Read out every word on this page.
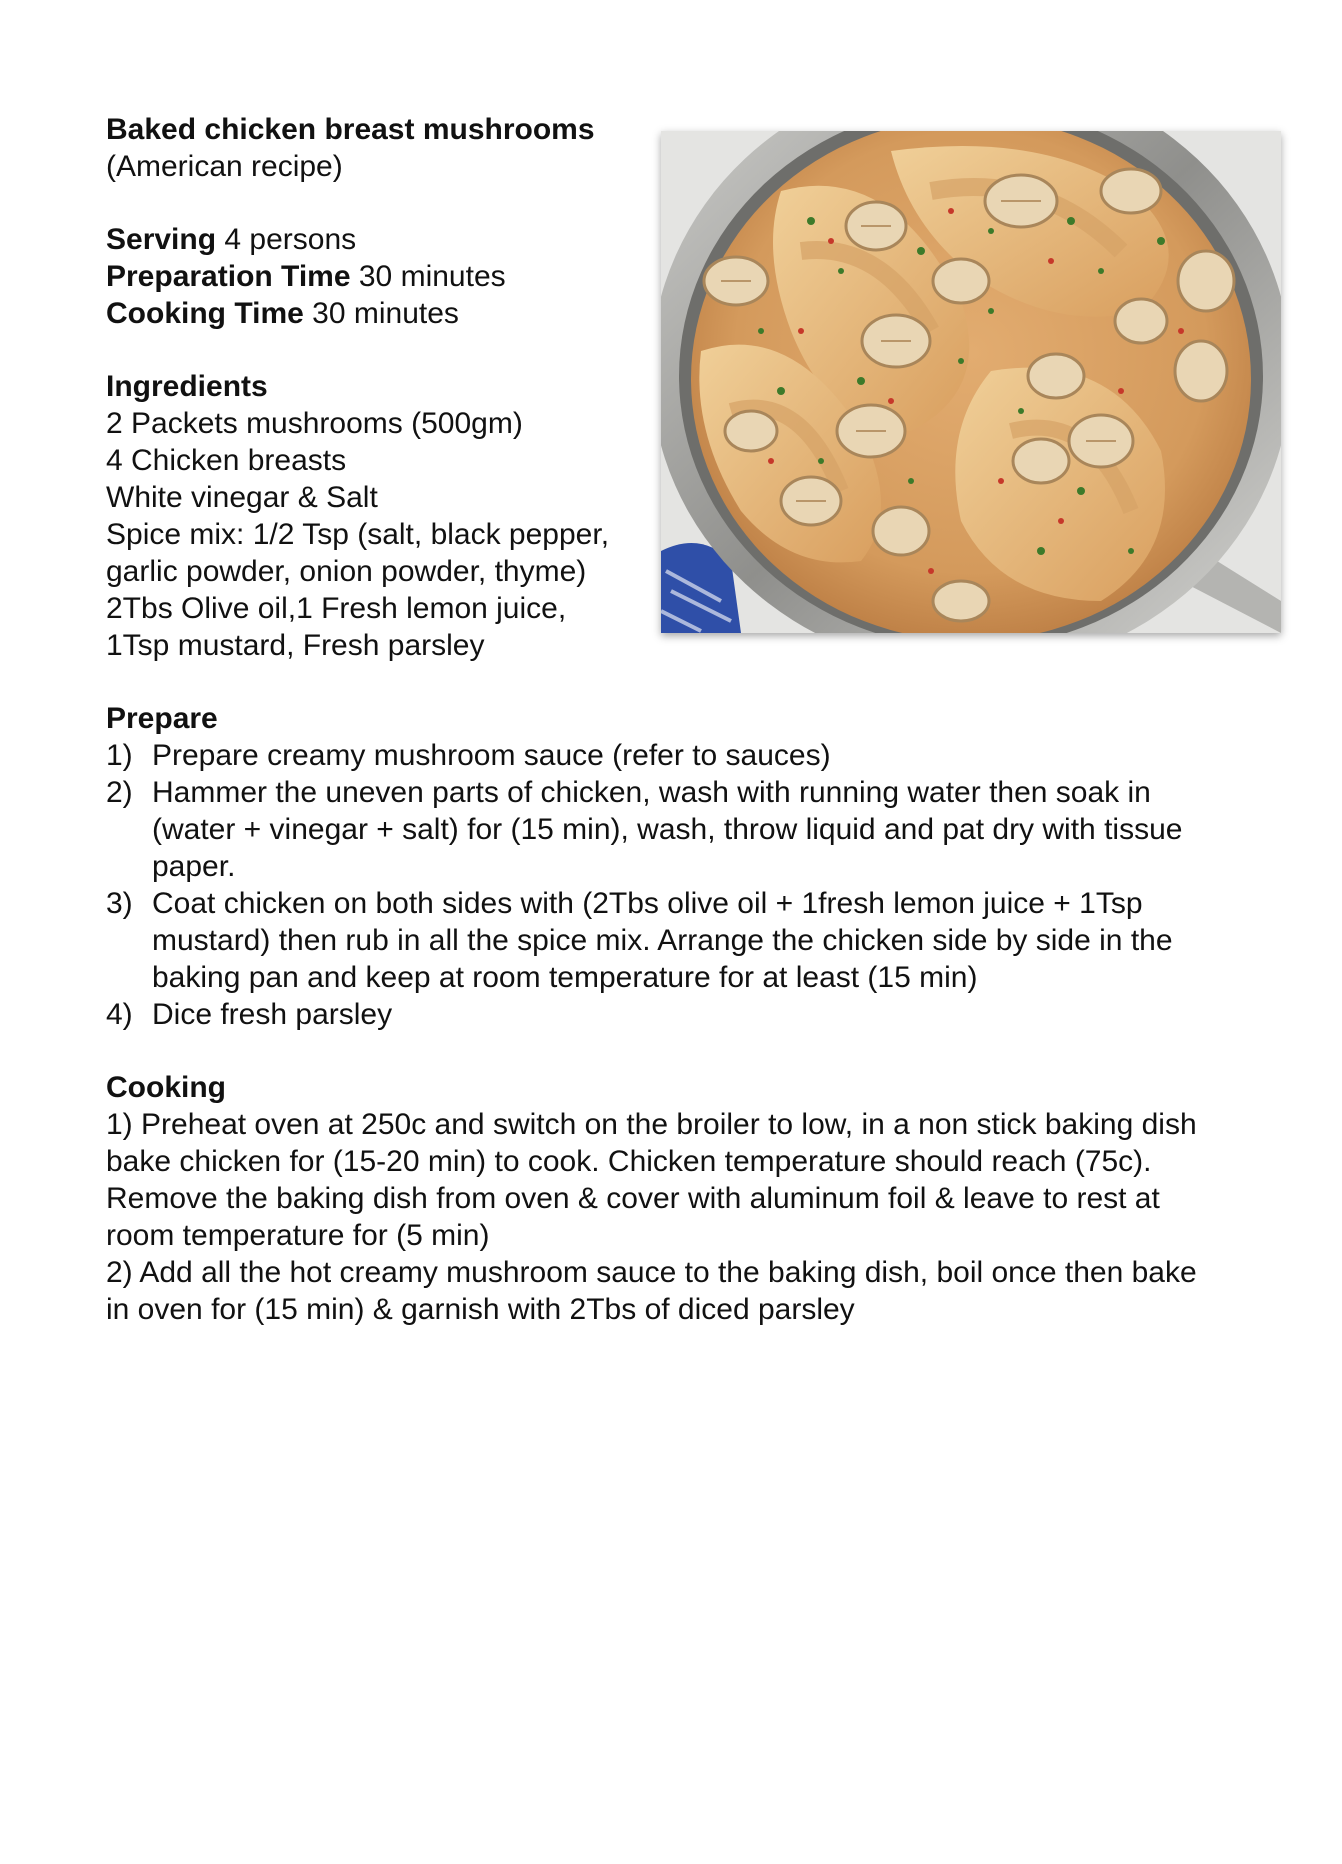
Baked chicken breast mushrooms
(American recipe)
Serving 4 persons
Preparation Time 30 minutes
Cooking Time 30 minutes
Ingredients
2 Packets mushrooms (500gm)
4 Chicken breasts
White vinegar & Salt
Spice mix: 1/2 Tsp (salt, black pepper,
garlic powder, onion powder, thyme)
2Tbs Olive oil,1 Fresh lemon juice,
1Tsp mustard, Fresh parsley
Prepare
1) Prepare creamy mushroom sauce (refer to sauces)
2) Hammer the uneven parts of chicken, wash with running water then soak in
(water + vinegar + salt) for (15 min), wash, throw liquid and pat dry with tissue
paper.
3) Coat chicken on both sides with (2Tbs olive oil + 1fresh lemon juice + 1Tsp
mustard) then rub in all the spice mix. Arrange the chicken side by side in the
baking pan and keep at room temperature for at least (15 min)
4) Dice fresh parsley
Cooking
1) Preheat oven at 250c and switch on the broiler to low, in a non stick baking dish
bake chicken for (15-20 min) to cook. Chicken temperature should reach (75c).
Remove the baking dish from oven & cover with aluminum foil & leave to rest at
room temperature for (5 min)
2) Add all the hot creamy mushroom sauce to the baking dish, boil once then bake
in oven for (15 min) & garnish with 2Tbs of diced parsley
